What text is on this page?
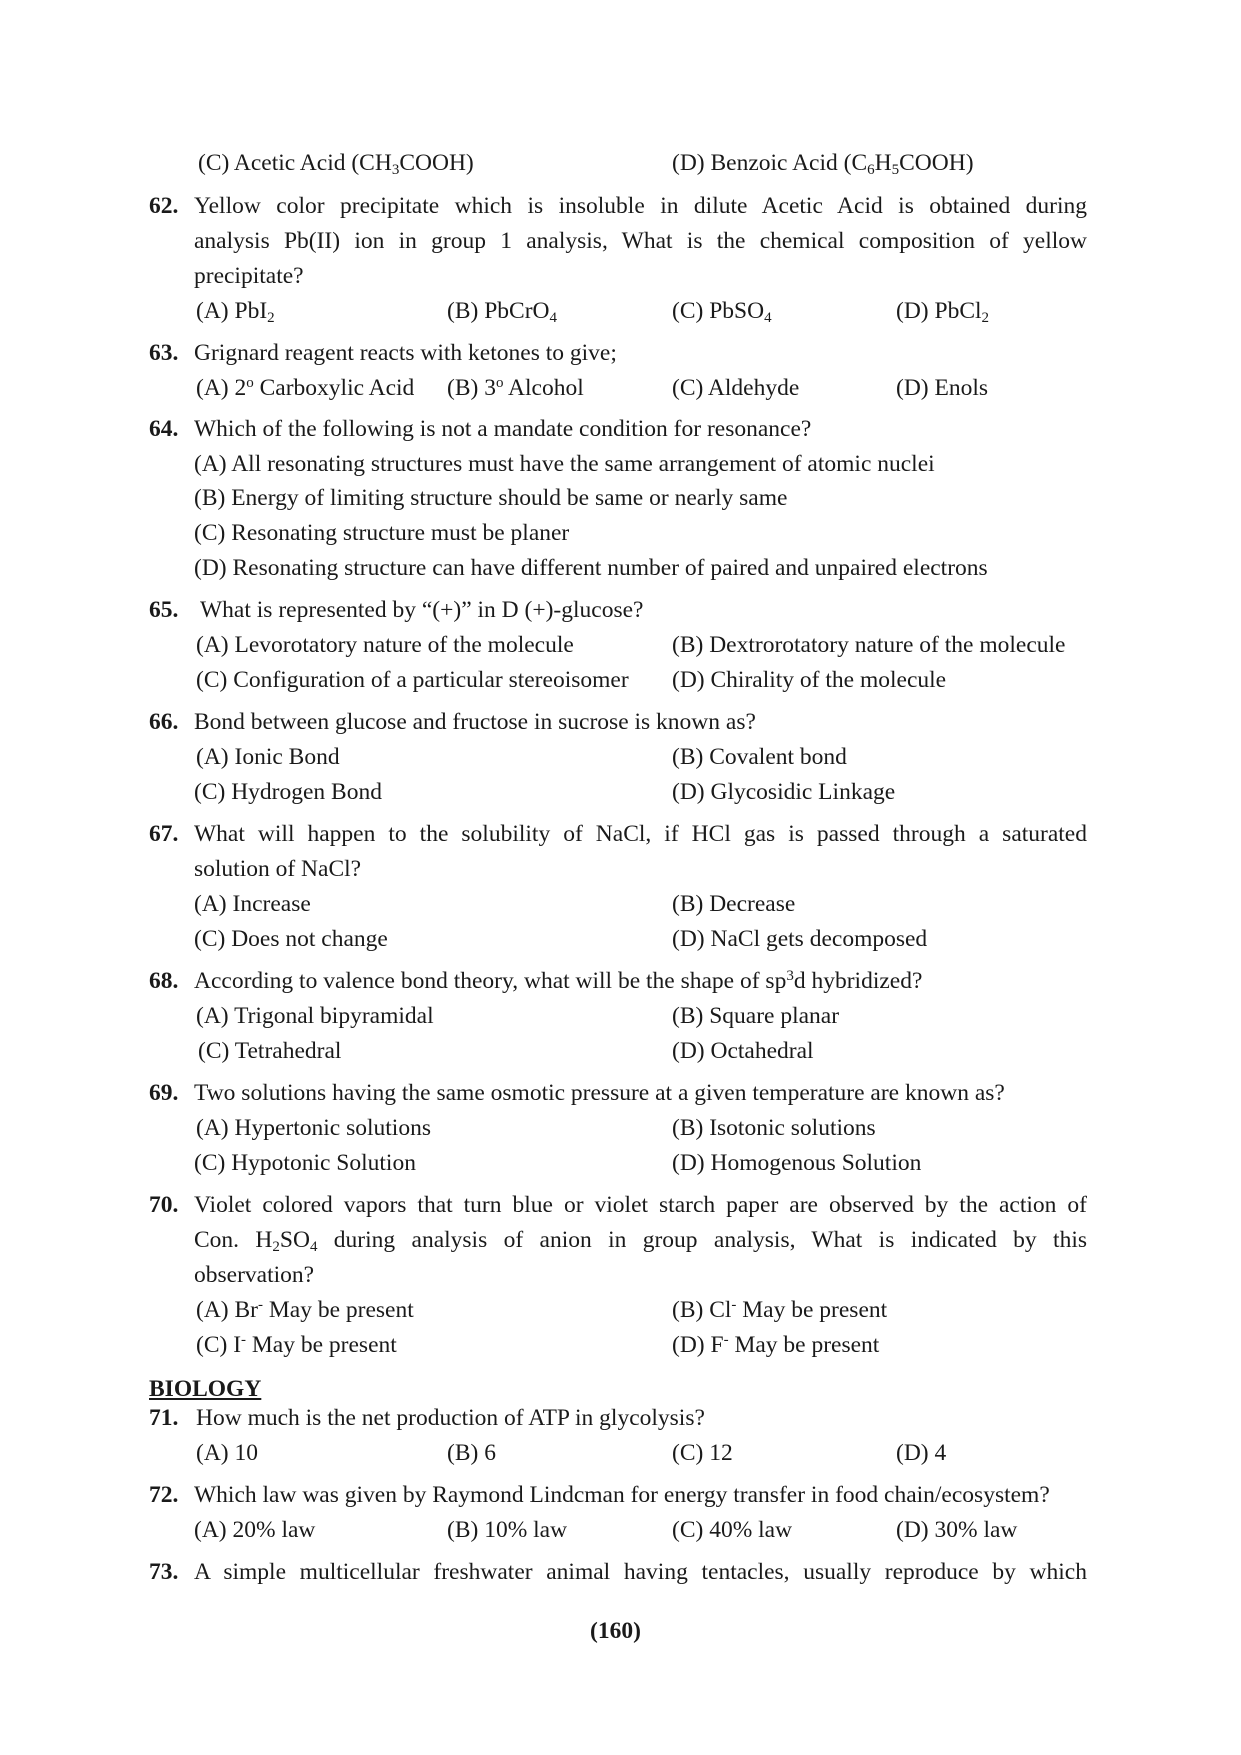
(C) Acetic Acid $(CH_3COOH)$	(D) Benzoic Acid $(C_6H_5COOH)$
62. Yellow color precipitate which is insoluble in dilute Acetic Acid is obtained during
analysis Pb(II) ion in group 1 analysis, What is the chemical composition of yellow
precipitate?
(A) PbI$_2$	(B) PbCrO$_4$	(C) PbSO$_4$	(D) PbCl$_2$
63. Grignard reagent reacts with ketones to give;
(A) 2$^o$ Carboxylic Acid (B) 3$^o$ Alcohol	(C) Aldehyde	(D) Enols
64. Which of the following is not a mandate condition for resonance?
(A) All resonating structures must have the same arrangement of atomic nuclei
(B) Energy of limiting structure should be same or nearly same
(C) Resonating structure must be planer
(D) Resonating structure can have different number of paired and unpaired electrons
65. What is represented by “(+)” in D (+)-glucose?
(A) Levorotatory nature of the molecule	(B) Dextrorotatory nature of the molecule
(C) Configuration of a particular stereoisomer (D) Chirality of the molecule
66. Bond between glucose and fructose in sucrose is known as?
(A) Ionic Bond	(B) Covalent bond
(C) Hydrogen Bond	(D) Glycosidic Linkage
67. What will happen to the solubility of NaCl, if HCl gas is passed through a saturated
solution of NaCl?
(A) Increase	(B) Decrease
(C) Does not change	(D) NaCl gets decomposed
68. According to valence bond theory, what will be the shape of $sp^3d$ hybridized?
(A) Trigonal bipyramidal	(B) Square planar
(C) Tetrahedral	(D) Octahedral
69. Two solutions having the same osmotic pressure at a given temperature are known as?
(A) Hypertonic solutions	(B) Isotonic solutions
(C) Hypotonic Solution	(D) Homogenous Solution
70. Violet colored vapors that turn blue or violet starch paper are observed by the action of
Con. $H_2SO_4$ during analysis of anion in group analysis, What is indicated by this
observation?
(A) Br- May be present	(B) Cl- May be present
(C) I- May be present	(D) F- May be present
BIOLOGY
71. How much is the net production of ATP in glycolysis?
(A) 10	(B) 6	(C) 12	(D) 4
72. Which law was given by Raymond Lindcman for energy transfer in food chain/ecosystem?
(A) 20% law	(B) 10% law	(C) 40% law	(D) 30% law
73. A simple multicellular freshwater animal having tentacles, usually reproduce by which
(160)
